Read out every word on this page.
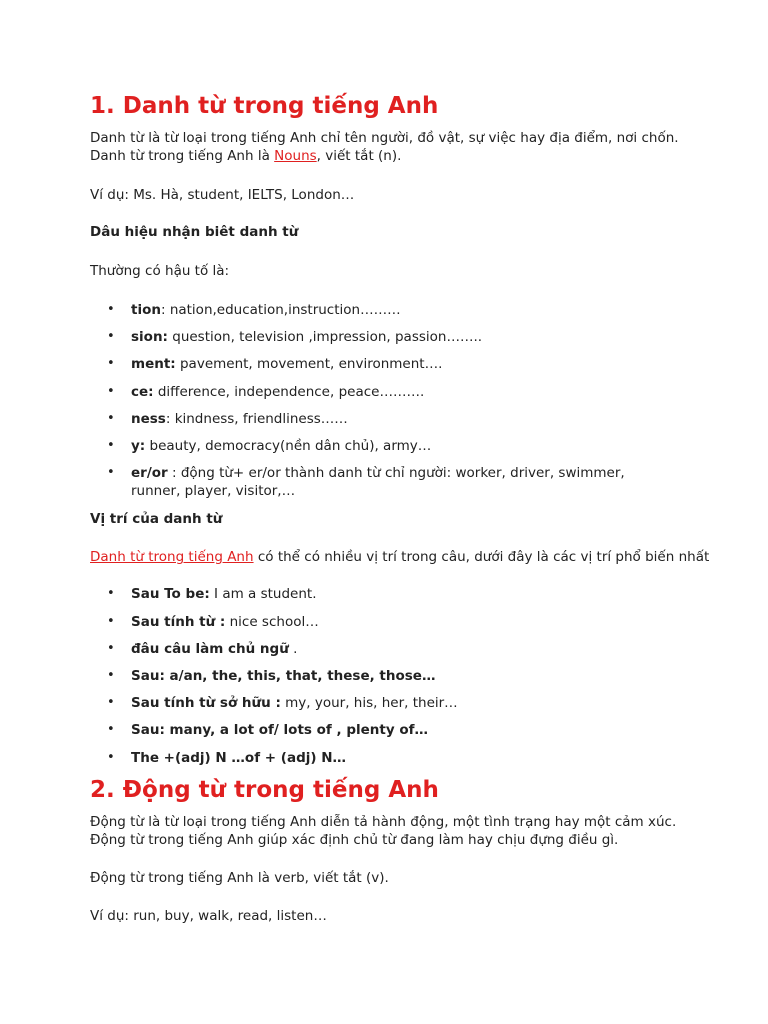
1. Danh từ trong tiếng Anh

Danh từ là từ loại trong tiếng Anh chỉ tên người, đồ vật, sự việc hay địa điểm, nơi chốn.
Danh từ trong tiếng Anh là Nouns, viết tắt (n).

Ví dụ: Ms. Hà, student, IELTS, London…

Dâu hiệu nhận biêt danh từ

Thường có hậu tố là:

• tion: nation,education,instruction………
• sion: question, television ,impression, passion……..
• ment: pavement, movement, environment….
• ce: difference, independence, peace……….
• ness: kindness, friendliness……
• y: beauty, democracy(nền dân chủ), army…
• er/or : động từ+ er/or thành danh từ chỉ người: worker, driver, swimmer,
runner, player, visitor,…

Vị trí của danh từ

Danh từ trong tiếng Anh có thể có nhiều vị trí trong câu, dưới đây là các vị trí phổ biến nhất

• Sau To be: I am a student.
• Sau tính từ : nice school…
• đâu câu làm chủ ngữ .
• Sau: a/an, the, this, that, these, those…
• Sau tính từ sở hữu : my, your, his, her, their…
• Sau: many, a lot of/ lots of , plenty of…
• The +(adj) N …of + (adj) N…
2. Động từ trong tiếng Anh

Động từ là từ loại trong tiếng Anh diễn tả hành động, một tình trạng hay một cảm xúc.
Động từ trong tiếng Anh giúp xác định chủ từ đang làm hay chịu đựng điều gì.

Động từ trong tiếng Anh là verb, viết tắt (v).

Ví dụ: run, buy, walk, read, listen…
